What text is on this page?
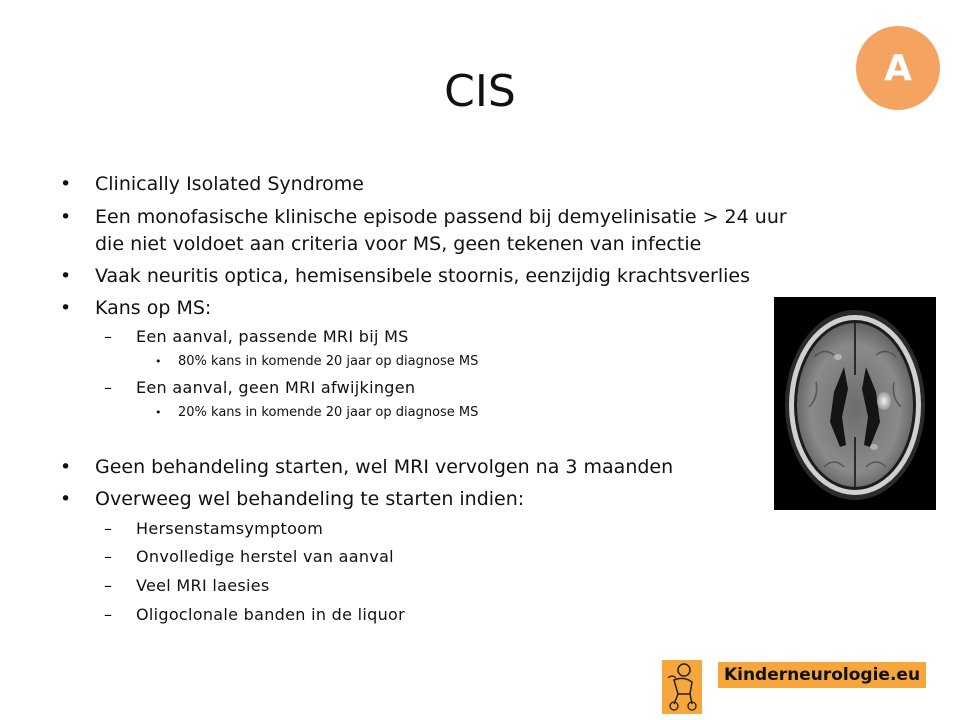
A
CIS
• Clinically Isolated Syndrome
• Een monofasische klinische episode passend bij demyelinisatie > 24 uur
die niet voldoet aan criteria voor MS, geen tekenen van infectie
• Vaak neuritis optica, hemisensibele stoornis, eenzijdig krachtsverlies
• Kans op MS:
– Een aanval, passende MRI bij MS
• 80% kans in komende 20 jaar op diagnose MS
– Een aanval, geen MRI afwijkingen
• 20% kans in komende 20 jaar op diagnose MS
• Geen behandeling starten, wel MRI vervolgen na 3 maanden
• Overweeg wel behandeling te starten indien:
– Hersenstamsymptoom
– Onvolledige herstel van aanval
– Veel MRI laesies
– Oligoclonale banden in de liquor
Kinderneurologie.eu
